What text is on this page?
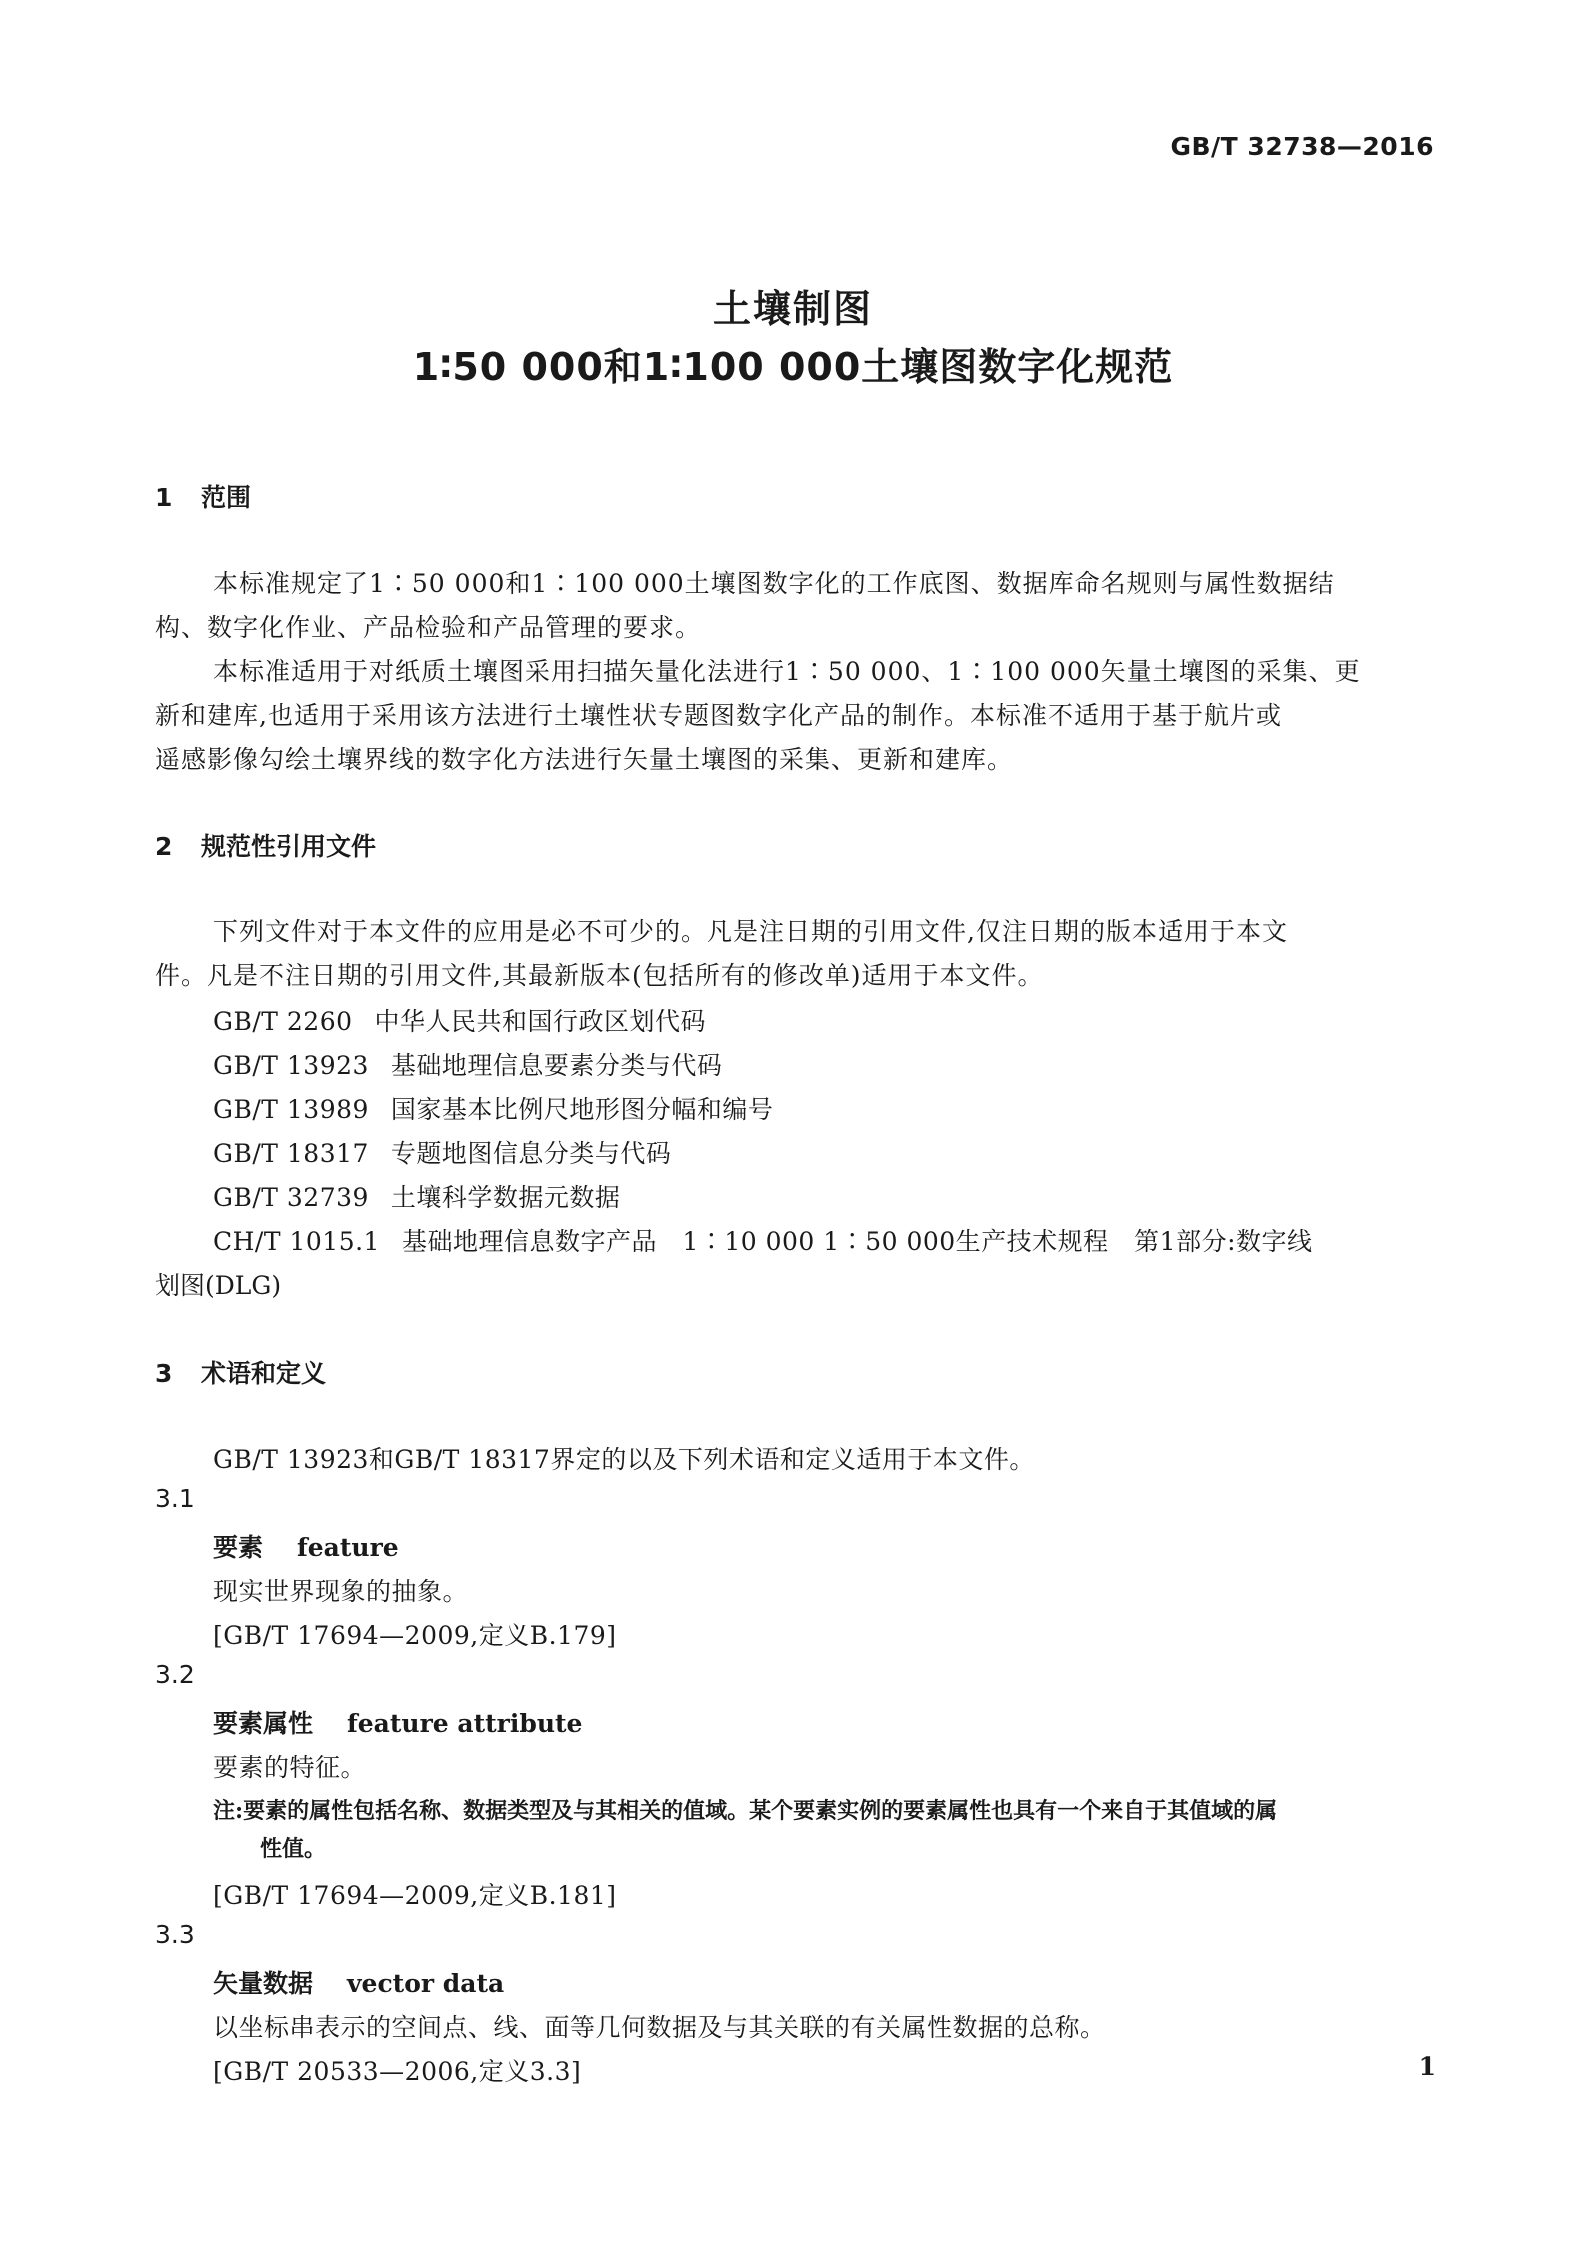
GB/T 32738—2016
土壤制图
1∶50 000和1∶100 000土壤图数字化规范
1 范围
本标准规定了1∶50 000和1∶100 000土壤图数字化的工作底图、数据库命名规则与属性数据结
构、数字化作业、产品检验和产品管理的要求。
本标准适用于对纸质土壤图采用扫描矢量化法进行1∶50 000、1∶100 000矢量土壤图的采集、更
新和建库,也适用于采用该方法进行土壤性状专题图数字化产品的制作。本标准不适用于基于航片或
遥感影像勾绘土壤界线的数字化方法进行矢量土壤图的采集、更新和建库。
2 规范性引用文件
下列文件对于本文件的应用是必不可少的。凡是注日期的引用文件,仅注日期的版本适用于本文
件。凡是不注日期的引用文件,其最新版本(包括所有的修改单)适用于本文件。
GB/T 2260 中华人民共和国行政区划代码
GB/T 13923 基础地理信息要素分类与代码
GB/T 13989 国家基本比例尺地形图分幅和编号
GB/T 18317 专题地图信息分类与代码
GB/T 32739 土壤科学数据元数据
CH/T 1015.1 基础地理信息数字产品　1∶10 000 1∶50 000生产技术规程　第1部分:数字线
划图(DLG)
3 术语和定义
GB/T 13923和GB/T 18317界定的以及下列术语和定义适用于本文件。
3.1
要素 feature
现实世界现象的抽象。
[GB/T 17694—2009,定义B.179]
3.2
要素属性 feature attribute
要素的特征。
注:要素的属性包括名称、数据类型及与其相关的值域。某个要素实例的要素属性也具有一个来自于其值域的属
性值。
[GB/T 17694—2009,定义B.181]
3.3
矢量数据 vector data
以坐标串表示的空间点、线、面等几何数据及与其关联的有关属性数据的总称。
[GB/T 20533—2006,定义3.3]	1
